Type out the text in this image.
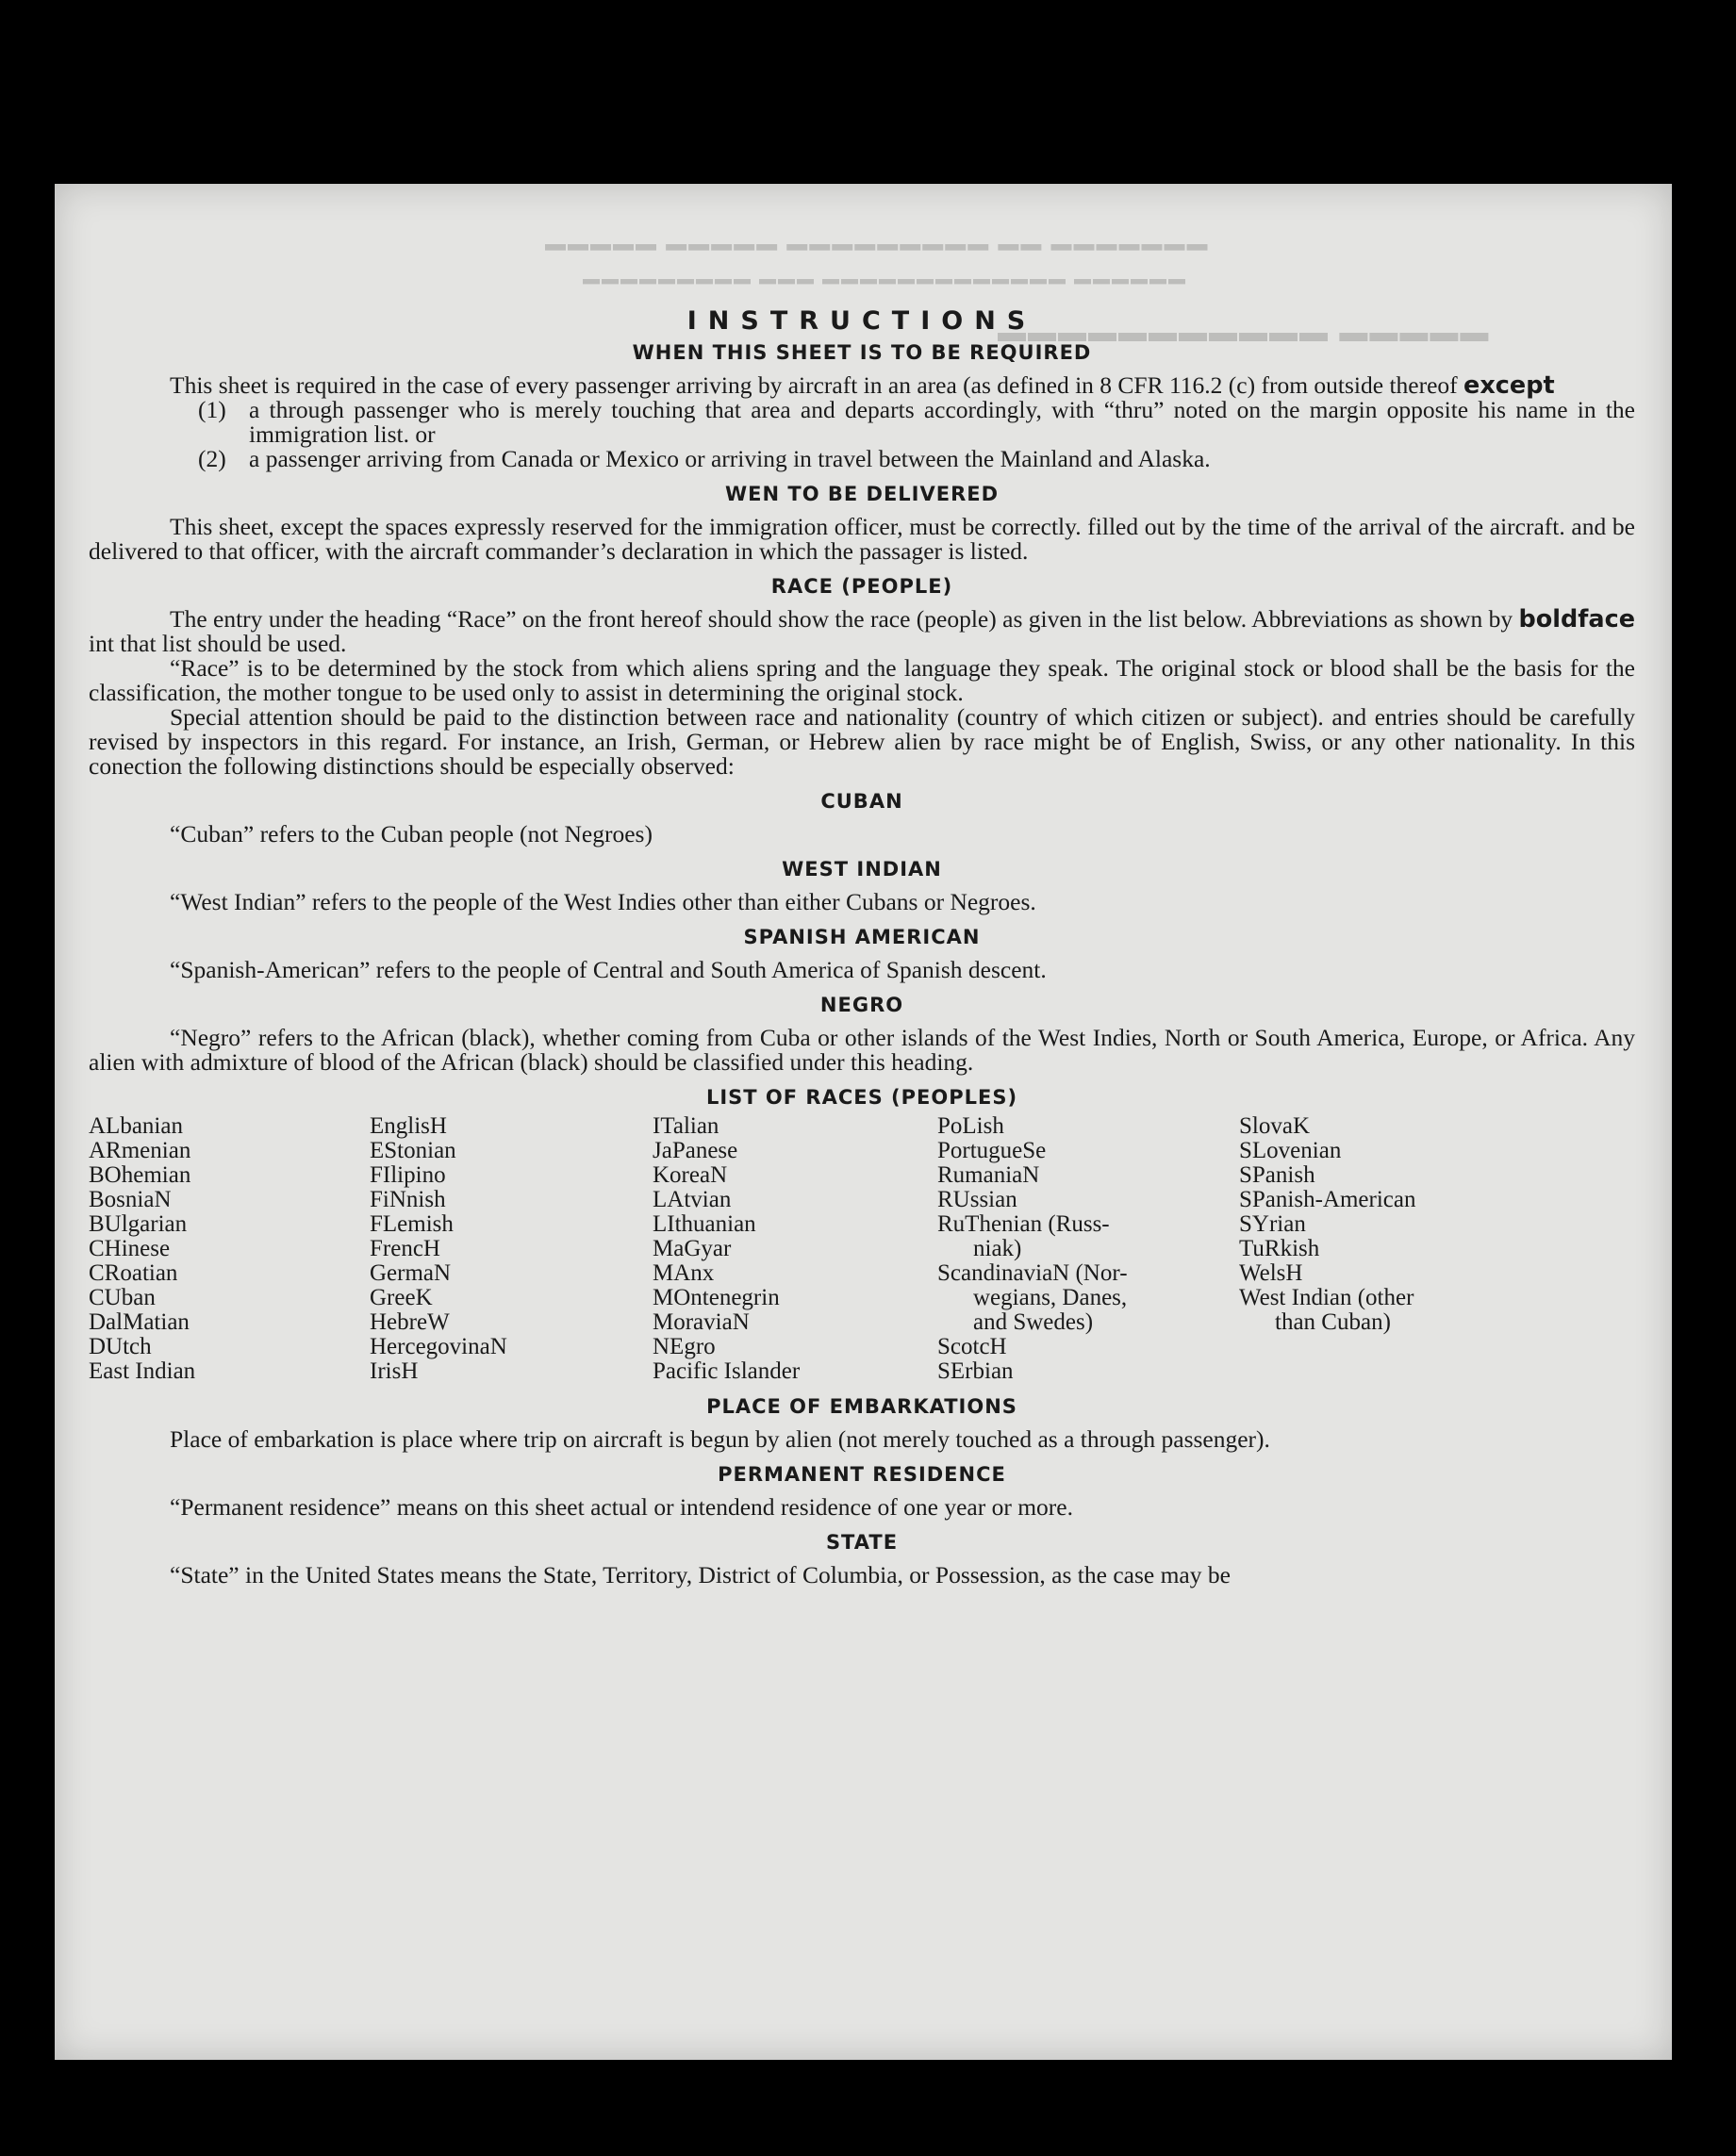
▬▬▬▬▬ ▬▬▬▬▬ ▬▬▬▬▬▬▬▬▬ ▬▬ ▬▬▬▬▬▬▬
▬▬▬▬▬▬▬▬▬ ▬▬▬ ▬▬▬▬▬▬▬▬▬▬▬▬▬ ▬▬▬▬▬▬
▬▬▬▬▬▬▬▬▬▬▬ ▬▬▬▬▬
INSTRUCTIONS
WHEN THIS SHEET IS TO BE REQUIRED

This sheet is required in the case of every passenger arriving by aircraft in an area (as defined in 8 CFR 116.2 (c) from outside thereof except

(1) a through passenger who is merely touching that area and departs accordingly, with “thru” noted on the margin opposite his name in the immigration list. or

(2) a passenger arriving from Canada or Mexico or arriving in travel between the Mainland and Alaska.

WEN TO BE DELIVERED

This sheet, except the spaces expressly reserved for the immigration officer, must be correctly. filled out by the time of the arrival of the aircraft. and be delivered to that officer, with the aircraft commander’s declaration in which the passager is listed.

RACE (PEOPLE)

The entry under the heading “Race” on the front hereof should show the race (people) as given in the list below. Abbreviations as shown by boldface int that list should be used.

“Race” is to be determined by the stock from which aliens spring and the language they speak. The original stock or blood shall be the basis for the classification, the mother tongue to be used only to assist in determining the original stock.

Special attention should be paid to the distinction between race and nationality (country of which citizen or subject). and entries should be carefully revised by inspectors in this regard. For instance, an Irish, German, or Hebrew alien by race might be of English, Swiss, or any other nationality. In this conection the following distinctions should be especially observed:

CUBAN

“Cuban” refers to the Cuban people (not Negroes)

WEST INDIAN

“West Indian” refers to the people of the West Indies other than either Cubans or Negroes.

SPANISH AMERICAN

“Spanish-American” refers to the people of Central and South America of Spanish descent.

NEGRO

“Negro” refers to the African (black), whether coming from Cuba or other islands of the West Indies, North or South America, Europe, or Africa. Any alien with admixture of blood of the African (black) should be classified under this heading.

LIST OF RACES (PEOPLES)
ALbanian
ARmenian
BOhemian
BosniaN
BUlgarian
CHinese
CRoatian
CUban
DalMatian
DUtch
East Indian
EnglisH
EStonian
FIlipino
FiNnish
FLemish
FrencH
GermaN
GreeK
HebreW
HercegovinaN
IrisH
ITalian
JaPanese
KoreaN
LAtvian
LIthuanian
MaGyar
MAnx
MOntenegrin
MoraviaN
NEgro
Pacific Islander
PoLish
PortugueSe
RumaniaN
RUssian
RuThenian (Russ-
niak)
ScandinaviaN (Nor-
wegians, Danes,
and Swedes)
ScotcH
SErbian
SlovaK
SLovenian
SPanish
SPanish-American
SYrian
TuRkish
WelsH
West Indian (other
than Cuban)
PLACE OF EMBARKATIONS

Place of embarkation is place where trip on aircraft is begun by alien (not merely touched as a through passenger).

PERMANENT RESIDENCE

“Permanent residence” means on this sheet actual or intendend residence of one year or more.

STATE

“State” in the United States means the State, Territory, District of Columbia, or Possession, as the case may be
